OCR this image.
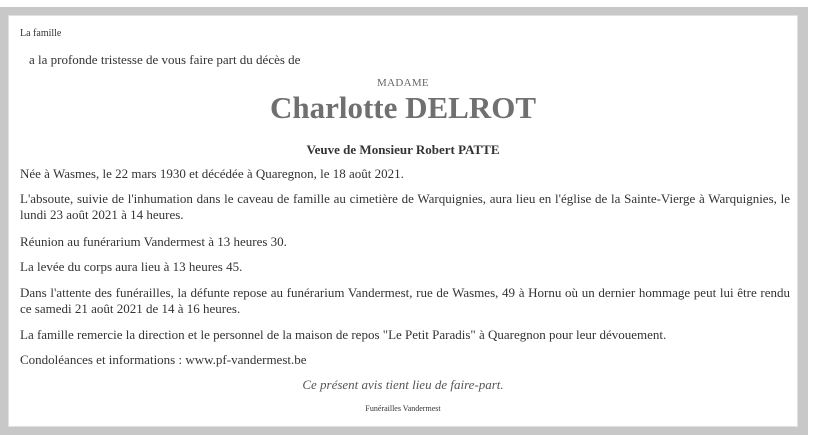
La famille
a la profonde tristesse de vous faire part du décès de
MADAME
Charlotte DELROT
Veuve de Monsieur Robert PATTE
Née à Wasmes, le 22 mars 1930 et décédée à Quaregnon, le 18 août 2021.
L'absoute, suivie de l'inhumation dans le caveau de famille au cimetière de Warquignies, aura lieu en l'église de la Sainte-Vierge à Warquignies, le lundi 23 août 2021 à 14 heures.
Réunion au funérarium Vandermest à 13 heures 30.
La levée du corps aura lieu à 13 heures 45.
Dans l'attente des funérailles, la défunte repose au funérarium Vandermest, rue de Wasmes, 49 à Hornu où un dernier hommage peut lui être rendu ce samedi 21 août 2021 de 14 à 16 heures.
La famille remercie la direction et le personnel de la maison de repos "Le Petit Paradis" à Quaregnon pour leur dévouement.
Condoléances et informations : www.pf-vandermest.be
Ce présent avis tient lieu de faire-part.
Funérailles Vandermest
